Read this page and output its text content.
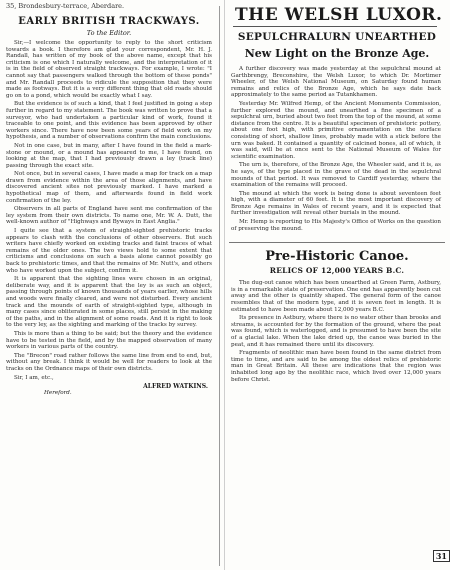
35, Brondesbury-terrace, Aberdare.
EARLY BRITISH TRACKWAYS.
To the Editor.

Sir,—I welcome the opportunity to reply to the short criticism towards a book. I therefore am glad your correspondent, Mr. H. J. Randall, has written of my book of the above name, except that his criticism is one which I naturally welcome, and the interpretation of it is in the field of observed straight trackways. For example, I wrote: "I cannot say that passengers walked through the bottom of these ponds" and Mr. Randall proceeds to ridicule the supposition that they were made as footways. But it is a very different thing that old roads should go on to a pond, which would be exactly what I say.

But the evidence is of such a kind, that I feel justified in going a step further in regard to my statement. The book was written to prove that a surveyor, who had undertaken a particular kind of work, found it traceable to one point, and this evidence has been approved by other workers since. There have now been some years of field work on my hypothesis, and a number of observations confirm the main conclusions.

Not in one case, but in many, after I have found in the field a mark-stone or mound, or a mound has appeared to me, I have found, on looking at the map, that I had previously drawn a ley (track line) passing through the exact site.

Not once, but in several cases, I have made a map for track on a map drawn from evidence within the area of those alignments, and have discovered ancient sites not previously marked. I have marked a hypothetical map of them, and afterwards found in field work confirmation of the ley.

Observers in all parts of England have sent me confirmation of the ley system from their own districts. To name one, Mr. W. A. Dutt, the well-known author of "Highways and Byways in East Anglia."

I quite see that a system of straight-sighted prehistoric tracks appears to clash with the conclusions of other observers. But such writers have chiefly worked on existing tracks and faint traces of what remains of the older ones. The two views hold to some extent that criticisms and conclusions on such a basis alone cannot possibly go back to prehistoric times, and that the remains of Mr. Nutt's, and others who have worked upon the subject, confirm it.

It is apparent that the sighting lines were chosen in an original, deliberate way, and it is apparent that the ley is as such an object, passing through points of known thousands of years earlier, whose hills and woods were finally cleared, and were not disturbed. Every ancient track and the mounds of earth of straight-sighted type, although in many cases since obliterated in some places, still persist in the making of the paths, and in the alignment of some roads. And it is right to look to the very ley, as the sighting and marking of the tracks by survey.

This is more than a thing to be said; but the theory and the evidence have to be tested in the field, and by the mapped observation of many workers in various parts of the country.

The "Brecon" road rather follows the same line from end to end, but, without any break. I think it would be well for readers to look at the tracks on the Ordnance maps of their own districts.

Sir, I am, etc.,

ALFRED WATKINS.
Hereford.
THE WELSH LUXOR.
SEPULCHRALURN UNEARTHED
New Light on the Bronze Age.

A further discovery was made yesterday at the sepulchral mound at Garthbrengy, Breconshire, the Welsh Luxor, to which Dr. Mortimer Wheeler, of the Welsh National Museum, on Saturday found human remains and relics of the Bronze Age, which he says date back approximately to the same period as Tutankhamen.

Yesterday Mr. Wilfred Hemp, of the Ancient Monuments Commission, further explored the mound, and unearthed a fine specimen of a sepulchral urn, buried about two feet from the top of the mound, at some distance from the centre. It is a beautiful specimen of prehistoric pottery, about one foot high, with primitive ornamentation on the surface consisting of short, shallow lines, probably made with a stick before the urn was baked. It contained a quantity of calcined bones, all of which, it was said, will be at once sent to the National Museum of Wales for scientific examination.

The urn is, therefore, of the Bronze Age, the Wheeler said, and it is, as he says, of the type placed in the grave of the dead in the sepulchral mounds of that period. It was removed to Cardiff yesterday, where the examination of the remains will proceed.

The mound at which the work is being done is about seventeen feet high, with a diameter of 60 feet. It is the most important discovery of Bronze Age remains in Wales of recent years, and it is expected that further investigation will reveal other burials in the mound.

Mr. Hemp is reporting to His Majesty's Office of Works on the question of preserving the mound.

Pre-Historic Canoe.
RELICS OF 12,000 YEARS B.C.

The dug-out canoe which has been unearthed at Green Farm, Astbury, is in a remarkable state of preservation. One end has apparently been cut away and the other is quaintly shaped. The general form of the canoe resembles that of the modern type, and it is seven feet in length. It is estimated to have been made about 12,000 years B.C.

Its presence in Astbury, where there is no water other than brooks and streams, is accounted for by the formation of the ground, where the peat was found, which is waterlogged, and is presumed to have been the site of a glacial lake. When the lake dried up, the canoe was buried in the peat, and it has remained there until its discovery.

Fragments of neolithic man have been found in the same district from time to time, and are said to be among the oldest relics of prehistoric man in Great Britain. All these are indications that the region was inhabited long ago by the neolithic race, which lived over 12,000 years before Christ.

31
